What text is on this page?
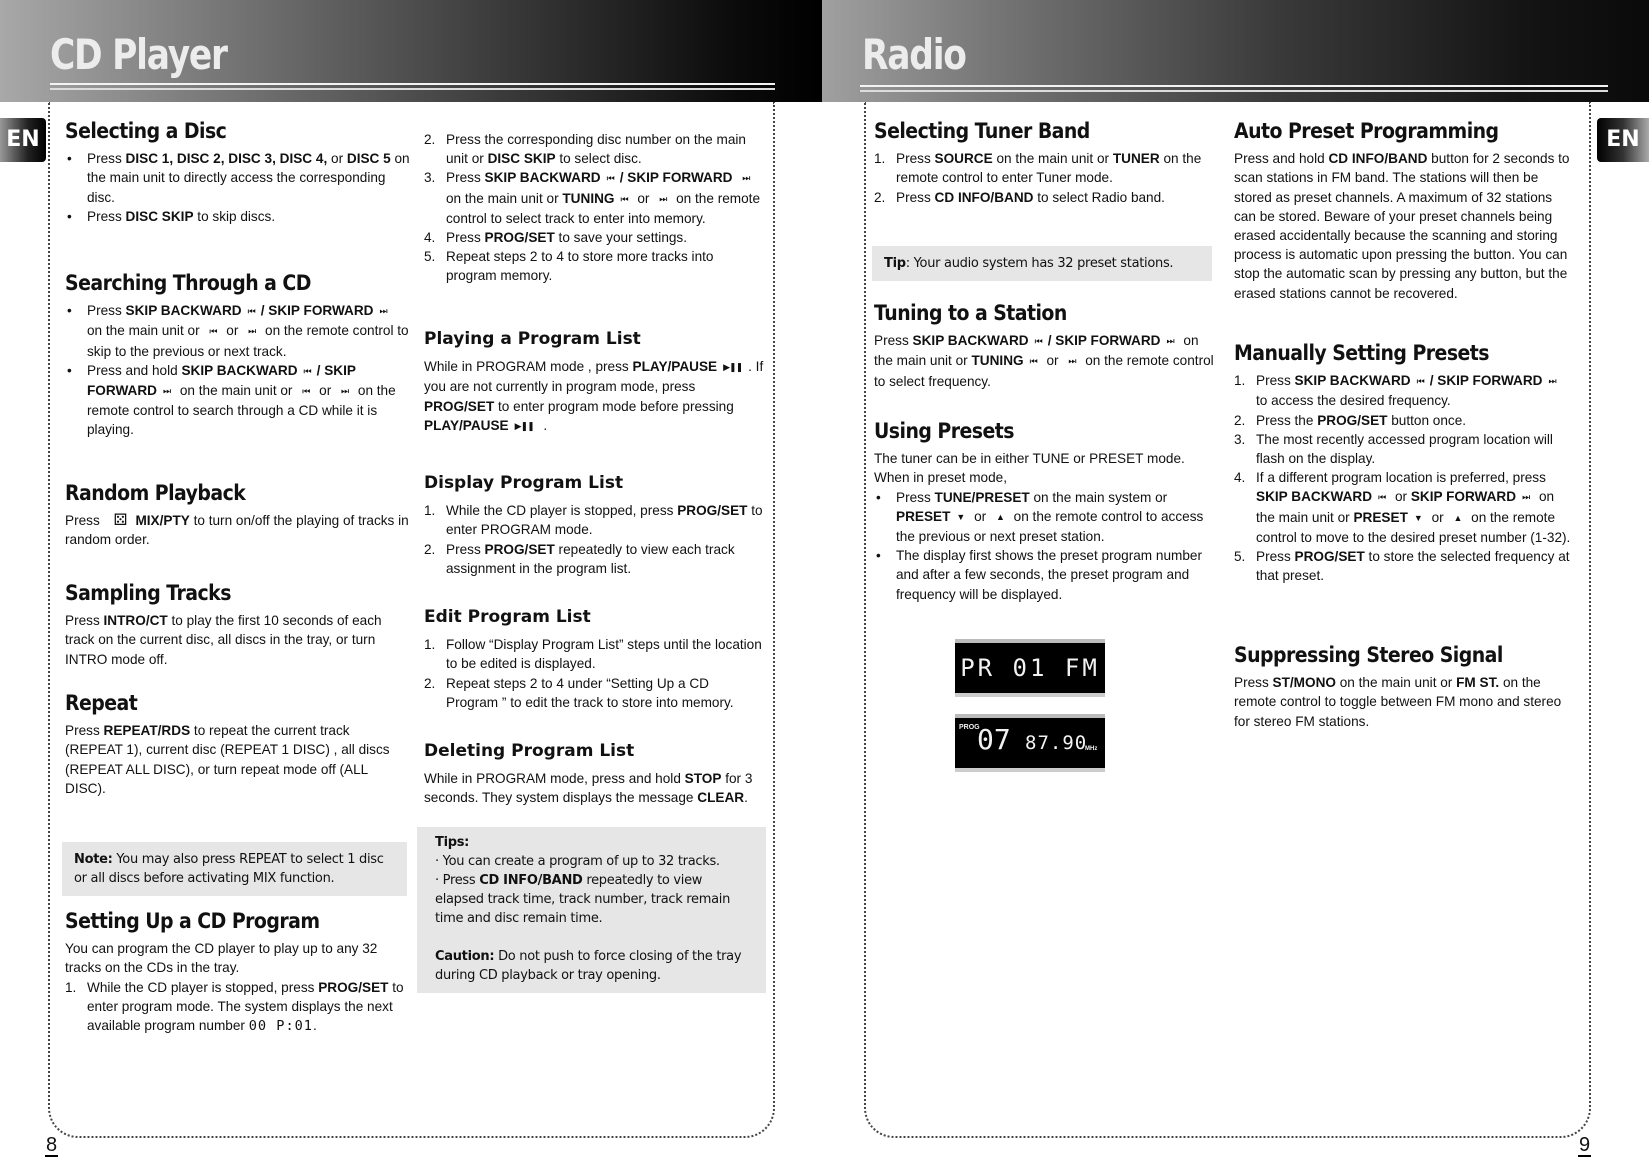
CD Player
EN
8
Radio
EN
9
Selecting a Disc
• Press DISC 1, DISC 2, DISC 3, DISC 4, or DISC 5 on the main unit to directly access the corresponding disc.
• Press DISC SKIP to skip discs.
Searching Through a CD
• Press SKIP BACKWARD ⏮ / SKIP FORWARD ⏭ on the main unit or ⏮ or ⏭ on the remote control to skip to the previous or next track.
• Press and hold SKIP BACKWARD ⏮ / SKIP FORWARD ⏭ on the main unit or ⏮ or ⏭ on the remote control to search through a CD while it is playing.
Random Playback

Press ⚄ MIX/PTY to turn on/off the playing of tracks in random order.

Sampling Tracks

Press INTRO/CT to play the first 10 seconds of each track on the current disc, all discs in the tray, or turn INTRO mode off.

Repeat

Press REPEAT/RDS to repeat the current track (REPEAT 1), current disc (REPEAT 1 DISC) , all discs (REPEAT ALL DISC), or turn repeat mode off (ALL DISC).

Note: You may also press REPEAT to select 1 disc or all discs before activating MIX function.
Setting Up a CD Program

You can program the CD player to play up to any 32 tracks on the CDs in the tray.

1. While the CD player is stopped, press PROG/SET to enter program mode. The system displays the next available program number 00 P:01.
2. Press the corresponding disc number on the main unit or DISC SKIP to select disc.
3. Press SKIP BACKWARD ⏮ / SKIP FORWARD ⏭ on the main unit or TUNING ⏮ or ⏭ on the remote control to select track to enter into memory.
4. Press PROG/SET to save your settings.
5. Repeat steps 2 to 4 to store more tracks into program memory.
Playing a Program List

While in PROGRAM mode , press PLAY/PAUSE ▶❚❚ . If you are not currently in program mode, press PROG/SET to enter program mode before pressing PLAY/PAUSE ▶❚❚ .

Display Program List
1. While the CD player is stopped, press PROG/SET to enter PROGRAM mode.
2. Press PROG/SET repeatedly to view each track assignment in the program list.
Edit Program List
1. Follow “Display Program List” steps until the location to be edited is displayed.
2. Repeat steps 2 to 4 under “Setting Up a CD Program ” to edit the track to store into memory.
Deleting Program List

While in PROGRAM mode, press and hold STOP for 3 seconds. They system displays the message CLEAR.

Tips:
· You can create a program of up to 32 tracks.
· Press CD INFO/BAND repeatedly to view elapsed track time, track number, track remain time and disc remain time.
Caution: Do not push to force closing of the tray during CD playback or tray opening.
Selecting Tuner Band
1. Press SOURCE on the main unit or TUNER on the remote control to enter Tuner mode.
2. Press CD INFO/BAND to select Radio band.
Tip: Your audio system has 32 preset stations.
Tuning to a Station

Press SKIP BACKWARD ⏮ / SKIP FORWARD ⏭ on the main unit or TUNING ⏮ or ⏭ on the remote control to select frequency.

Using Presets

The tuner can be in either TUNE or PRESET mode. When in preset mode,

• Press TUNE/PRESET on the main system or PRESET ▼ or ▲ on the remote control to access the previous or next preset station.
• The display first shows the preset program number and after a few seconds, the preset program and frequency will be displayed.
PR 01 FM
PROG
07 87.90
MHz
Auto Preset Programming

Press and hold CD INFO/BAND button for 2 seconds to scan stations in FM band. The stations will then be stored as preset channels. A maximum of 32 stations can be stored. Beware of your preset channels being erased accidentally because the scanning and storing process is automatic upon pressing the button. You can stop the automatic scan by pressing any button, but the erased stations cannot be recovered.

Manually Setting Presets
1. Press SKIP BACKWARD ⏮ / SKIP FORWARD ⏭ to access the desired frequency.
2. Press the PROG/SET button once.
3. The most recently accessed program location will flash on the display.
4. If a different program location is preferred, press SKIP BACKWARD ⏮ or SKIP FORWARD ⏭ on the main unit or PRESET ▼ or ▲ on the remote control to move to the desired preset number (1-32).
5. Press PROG/SET to store the selected frequency at that preset.
Suppressing Stereo Signal

Press ST/MONO on the main unit or FM ST. on the remote control to toggle between FM mono and stereo for stereo FM stations.
